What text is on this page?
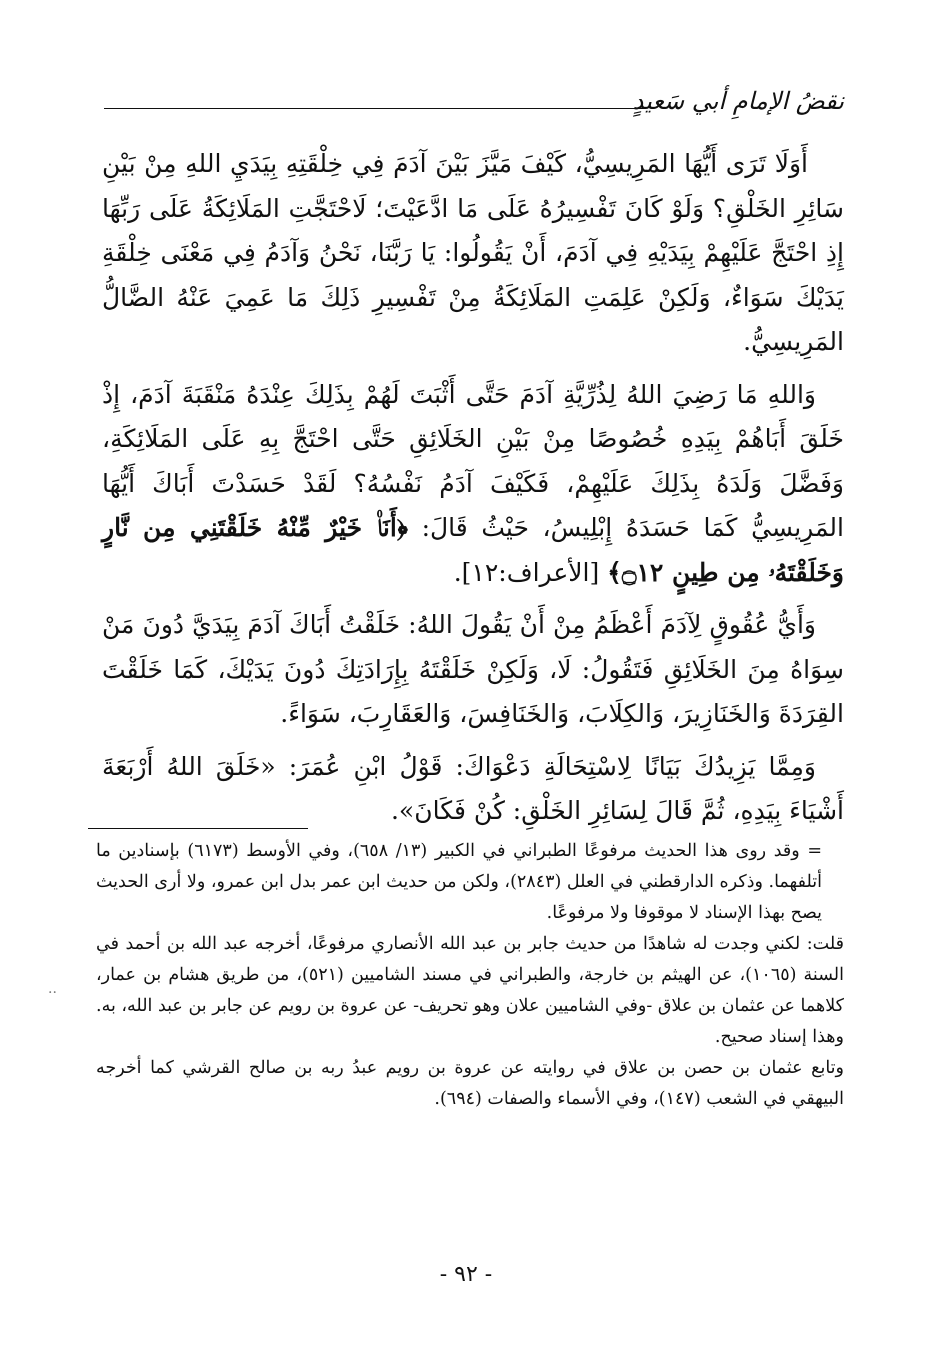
نقضُ الإمامِ أبي سَعيدٍ

أَوَلَا تَرَى أَيُّهَا المَرِيسِيُّ، كَيْفَ مَيَّزَ بَيْنَ آدَمَ فِي خِلْقَتِهِ بِيَدَيِ اللهِ مِنْ بَيْنِ سَائِرِ الخَلْقِ؟ وَلَوْ كَانَ تَفْسِيرُهُ عَلَى مَا ادَّعَيْتَ؛ لَاحْتَجَّتِ المَلَائِكَةُ عَلَى رَبِّهَا إِذِ احْتَجَّ عَلَيْهِمْ بِيَدَيْهِ فِي آدَمَ، أَنْ يَقُولُوا: يَا رَبَّنَا، نَحْنُ وَآدَمُ فِي مَعْنَى خِلْقَةِ يَدَيْكَ سَوَاءٌ، وَلَكِنْ عَلِمَتِ المَلَائِكَةُ مِنْ تَفْسِيرِ ذَلِكَ مَا عَمِيَ عَنْهُ الضَّالُّ المَرِيسِيُّ.

وَاللهِ مَا رَضِيَ اللهُ لِذُرِّيَّةِ آدَمَ حَتَّى أَثْبَتَ لَهُمْ بِذَلِكَ عِنْدَهُ مَنْقَبَةَ آدَمَ، إِذْ خَلَقَ أَبَاهُمْ بِيَدِهِ خُصُوصًا مِنْ بَيْنِ الخَلَائِقِ حَتَّى احْتَجَّ بِهِ عَلَى المَلَائِكَةِ، وَفَضَّلَ وَلَدَهُ بِذَلِكَ عَلَيْهِمْ، فَكَيْفَ آدَمُ نَفْسُهُ؟ لَقَدْ حَسَدْتَ أَبَاكَ أَيُّهَا المَرِيسِيُّ كَمَا حَسَدَهُ إِبْلِيسُ، حَيْثُ قَالَ: ﴿أَنَا۠ خَيْرٌ مِّنْهُ خَلَقْتَنِي مِن نَّارٍ وَخَلَقْتَهُۥ مِن طِينٍ ۝١٢﴾ [الأعراف:١٢].

وَأَيُّ عُقُوقٍ لِآدَمَ أَعْظَمُ مِنْ أَنْ يَقُولَ اللهُ: خَلَقْتُ أَبَاكَ آدَمَ بِيَدَيَّ دُونَ مَنْ سِوَاهُ مِنَ الخَلَائِقِ فَتَقُولُ: لَا، وَلَكِنْ خَلَقْتَهُ بِإِرَادَتِكَ دُونَ يَدَيْكَ، كَمَا خَلَقْتَ القِرَدَةَ وَالخَنَازِيرَ، وَالكِلَابَ، وَالخَنَافِسَ، وَالعَقَارِبَ، سَوَاءً.

وَمِمَّا يَزِيدُكَ بَيَانًا لِاسْتِحَالَةِ دَعْوَاكَ: قَوْلُ ابْنِ عُمَرَ: «خَلَقَ اللهُ أَرْبَعَةَ أَشْيَاءَ بِيَدِهِ، ثُمَّ قَالَ لِسَائِرِ الخَلْقِ: كُنْ فَكَانَ».

= وقد روى هذا الحديث مرفوعًا الطبراني في الكبير (١٣/ ٦٥٨)، وفي الأوسط (٦١٧٣) بإسنادين ما أتلفهما. وذكره الدارقطني في العلل (٢٨٤٣)، ولكن من حديث ابن عمر بدل ابن عمرو، ولا أرى الحديث يصح بهذا الإسناد لا موقوفا ولا مرفوعًا.

قلت: لكني وجدت له شاهدًا من حديث جابر بن عبد الله الأنصاري مرفوعًا، أخرجه عبد الله بن أحمد في السنة (١٠٦٥)، عن الهيثم بن خارجة، والطبراني في مسند الشاميين (٥٢١)، من طريق هشام بن عمار، كلاهما عن عثمان بن علاق -وفي الشاميين علان وهو تحريف- عن عروة بن رويم عن جابر بن عبد الله، به. وهذا إسناد صحيح.

وتابع عثمان بن حصن بن علاق في روايته عن عروة بن رويم عبدُ ربه بن صالح القرشي كما أخرجه البيهقي في الشعب (١٤٧)، وفي الأسماء والصفات (٦٩٤).

··
- ٩٢ -
